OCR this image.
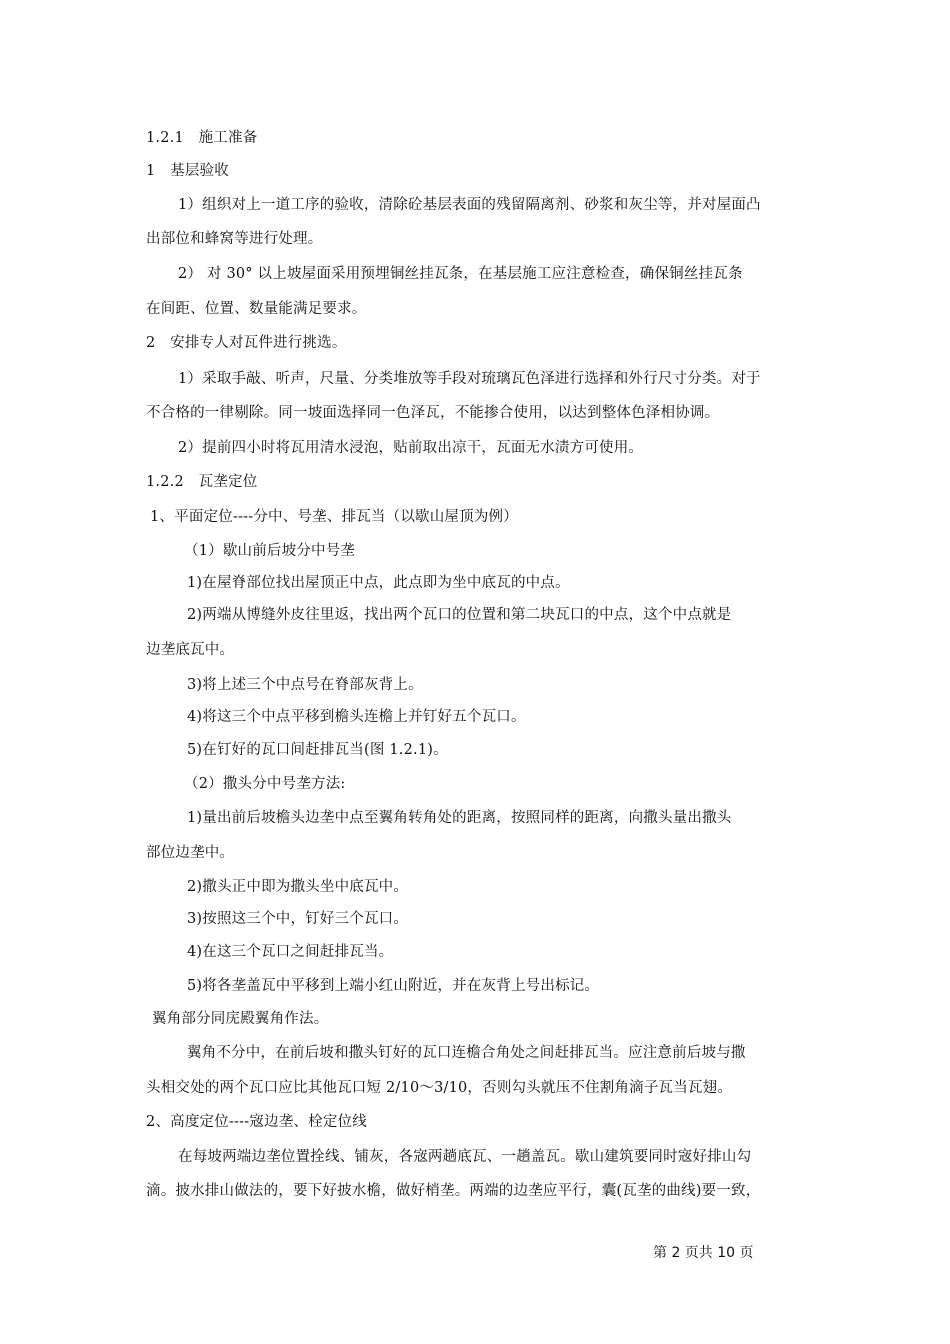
1.2.1　施工准备
1　基层验收
1）组织对上一道工序的验收，清除砼基层表面的残留隔离剂、砂浆和灰尘等，并对屋面凸
出部位和蜂窝等进行处理。
2） 对 30° 以上坡屋面采用预埋铜丝挂瓦条，在基层施工应注意检查，确保铜丝挂瓦条
在间距、位置、数量能满足要求。
2　安排专人对瓦件进行挑选。
1）采取手敲、听声，尺量、分类堆放等手段对琉璃瓦色泽进行选择和外行尺寸分类。对于
不合格的一律剔除。同一坡面选择同一色泽瓦，不能掺合使用，以达到整体色泽相协调。
2）提前四小时将瓦用清水浸泡，贴前取出凉干，瓦面无水渍方可使用。
1.2.2　瓦垄定位
1、平面定位----分中、号垄、排瓦当（以歇山屋顶为例）
（1）歇山前后坡分中号垄
1)在屋脊部位找出屋顶正中点，此点即为坐中底瓦的中点。
2)两端从博缝外皮往里返，找出两个瓦口的位置和第二块瓦口的中点，这个中点就是
边垄底瓦中。
3)将上述三个中点号在脊部灰背上。
4)将这三个中点平移到檐头连檐上并钉好五个瓦口。
5)在钉好的瓦口间赶排瓦当(图 1.2.1)。
（2）撒头分中号垄方法:
1)量出前后坡檐头边垄中点至翼角转角处的距离，按照同样的距离，向撒头量出撒头
部位边垄中。
2)撒头正中即为撒头坐中底瓦中。
3)按照这三个中，钉好三个瓦口。
4)在这三个瓦口之间赶排瓦当。
5)将各垄盖瓦中平移到上端小红山附近，并在灰背上号出标记。
翼角部分同庑殿翼角作法。
翼角不分中，在前后坡和撒头钉好的瓦口连檐合角处之间赶排瓦当。应注意前后坡与撒
头相交处的两个瓦口应比其他瓦口短 2/10～3/10，否则勾头就压不住割角滴子瓦当瓦翅。
2、高度定位----宼边垄、栓定位线
在每坡两端边垄位置拴线、铺灰，各宼两趟底瓦、一趟盖瓦。歇山建筑要同时宼好排山勾
滴。披水排山做法的，要下好披水檐，做好梢垄。两端的边垄应平行，囊(瓦垄的曲线)要一致，
第 2 页共 10 页
